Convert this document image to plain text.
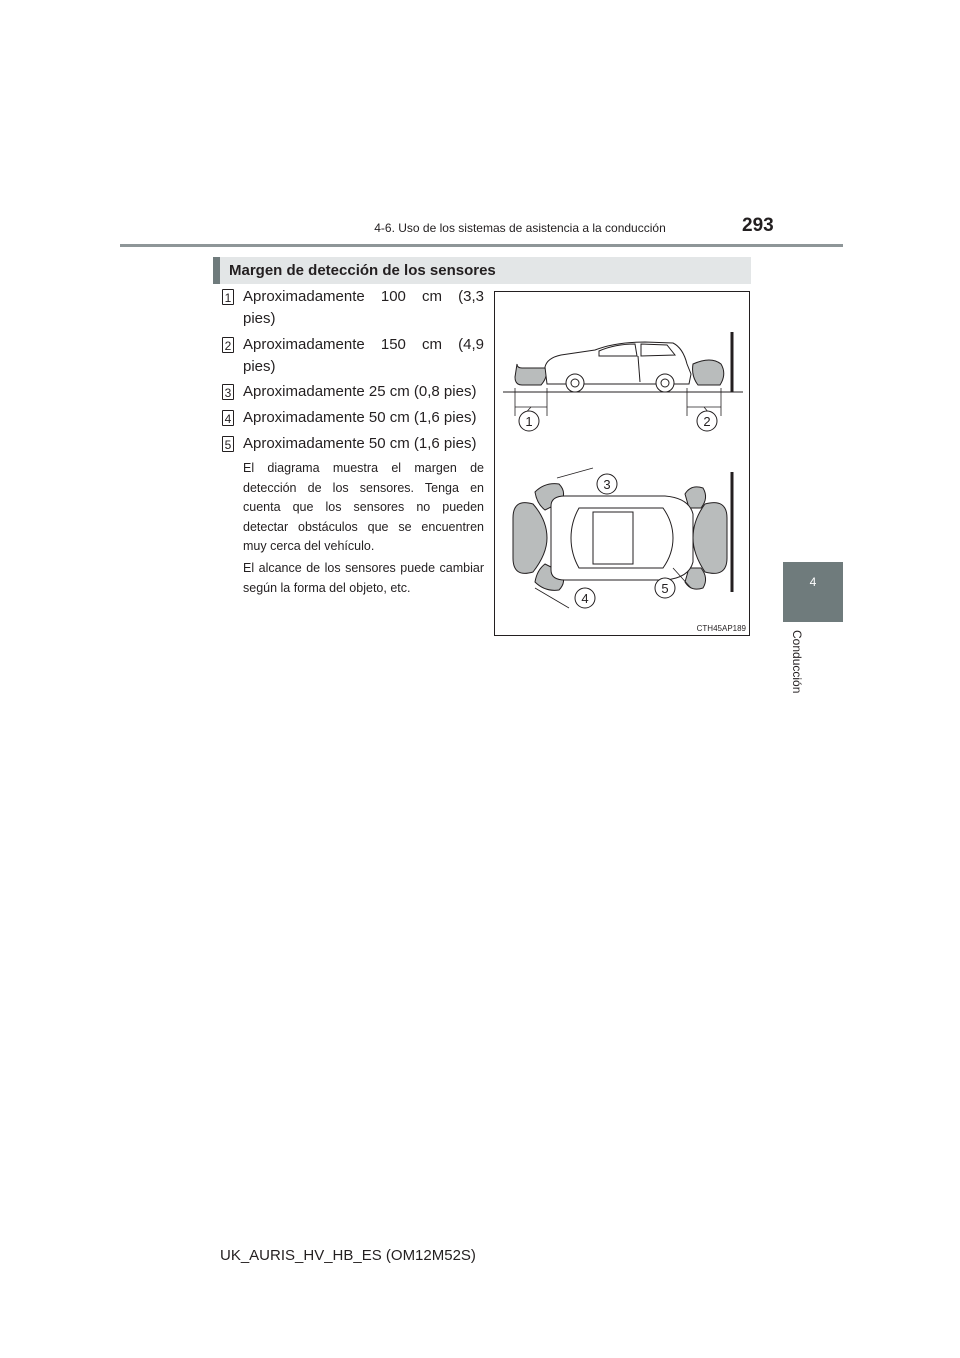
4-6. Uso de los sistemas de asistencia a la conducción	293
4
Conducción
Margen de detección de los sensores
1 Aproximadamente 100 cm (3,3 pies)
2 Aproximadamente 150 cm (4,9 pies)
3 Aproximadamente 25 cm (0,8 pies)
4 Aproximadamente 50 cm (1,6 pies)
5 Aproximadamente 50 cm (1,6 pies)
El diagrama muestra el margen de detección de los sensores. Tenga en cuenta que los sensores no pueden detectar obstáculos que se encuentren muy cerca del vehículo.
El alcance de los sensores puede cambiar según la forma del objeto, etc.
1	2
3
4
5
CTH45AP189
UK_AURIS_HV_HB_ES (OM12M52S)
